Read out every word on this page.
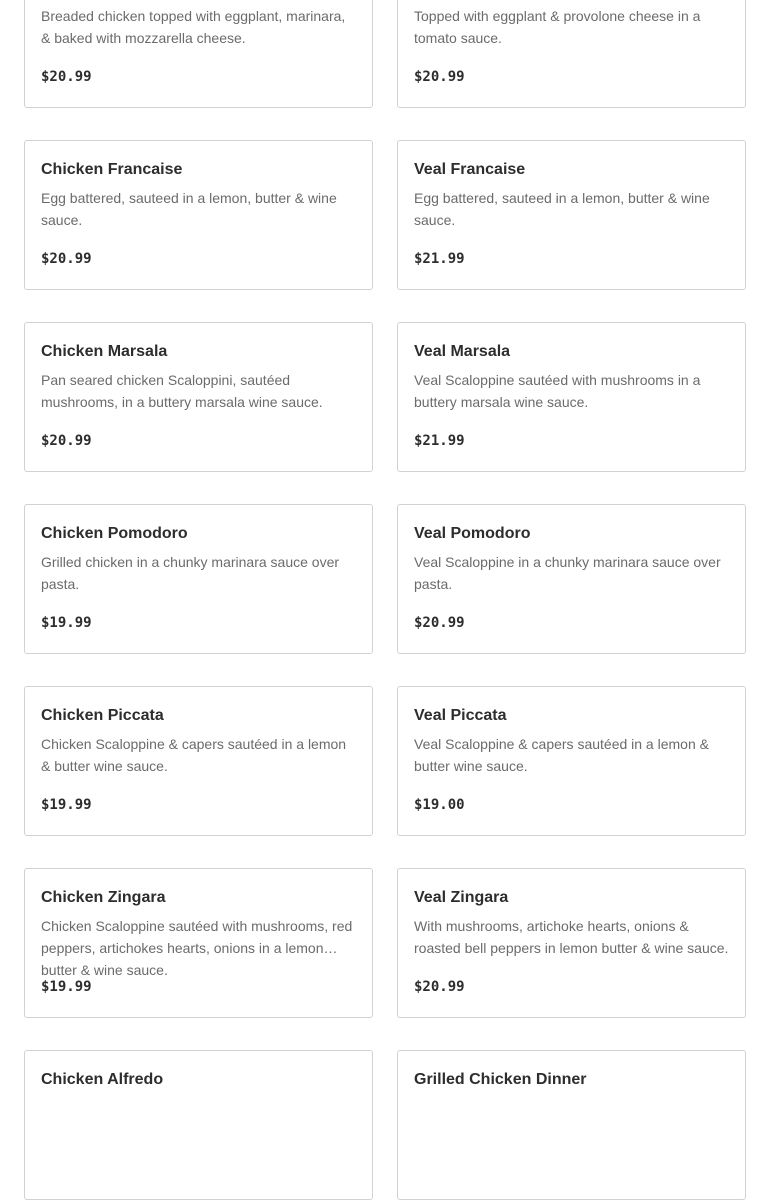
Breaded chicken topped with eggplant, marinara, & baked with mozzarella cheese.
$20.99
Topped with eggplant & provolone cheese in a tomato sauce.
$20.99
Chicken Francaise
Egg battered, sauteed in a lemon, butter & wine sauce.
$20.99
Veal Francaise
Egg battered, sauteed in a lemon, butter & wine sauce.
$21.99
Chicken Marsala
Pan seared chicken Scaloppini, sautéed mushrooms, in a buttery marsala wine sauce.
$20.99
Veal Marsala
Veal Scaloppine sautéed with mushrooms in a buttery marsala wine sauce.
$21.99
Chicken Pomodoro
Grilled chicken in a chunky marinara sauce over pasta.
$19.99
Veal Pomodoro
Veal Scaloppine in a chunky marinara sauce over pasta.
$20.99
Chicken Piccata
Chicken Scaloppine & capers sautéed in a lemon & butter wine sauce.
$19.99
Veal Piccata
Veal Scaloppine & capers sautéed in a lemon & butter wine sauce.
$19.00
Chicken Zingara
Chicken Scaloppine sautéed with mushrooms, red peppers, artichokes hearts, onions in a lemon butter & wine sauce.
$19.99
Veal Zingara
With mushrooms, artichoke hearts, onions & roasted bell peppers in lemon butter & wine sauce.
$20.99
Chicken Alfredo	Grilled Chicken Dinner
